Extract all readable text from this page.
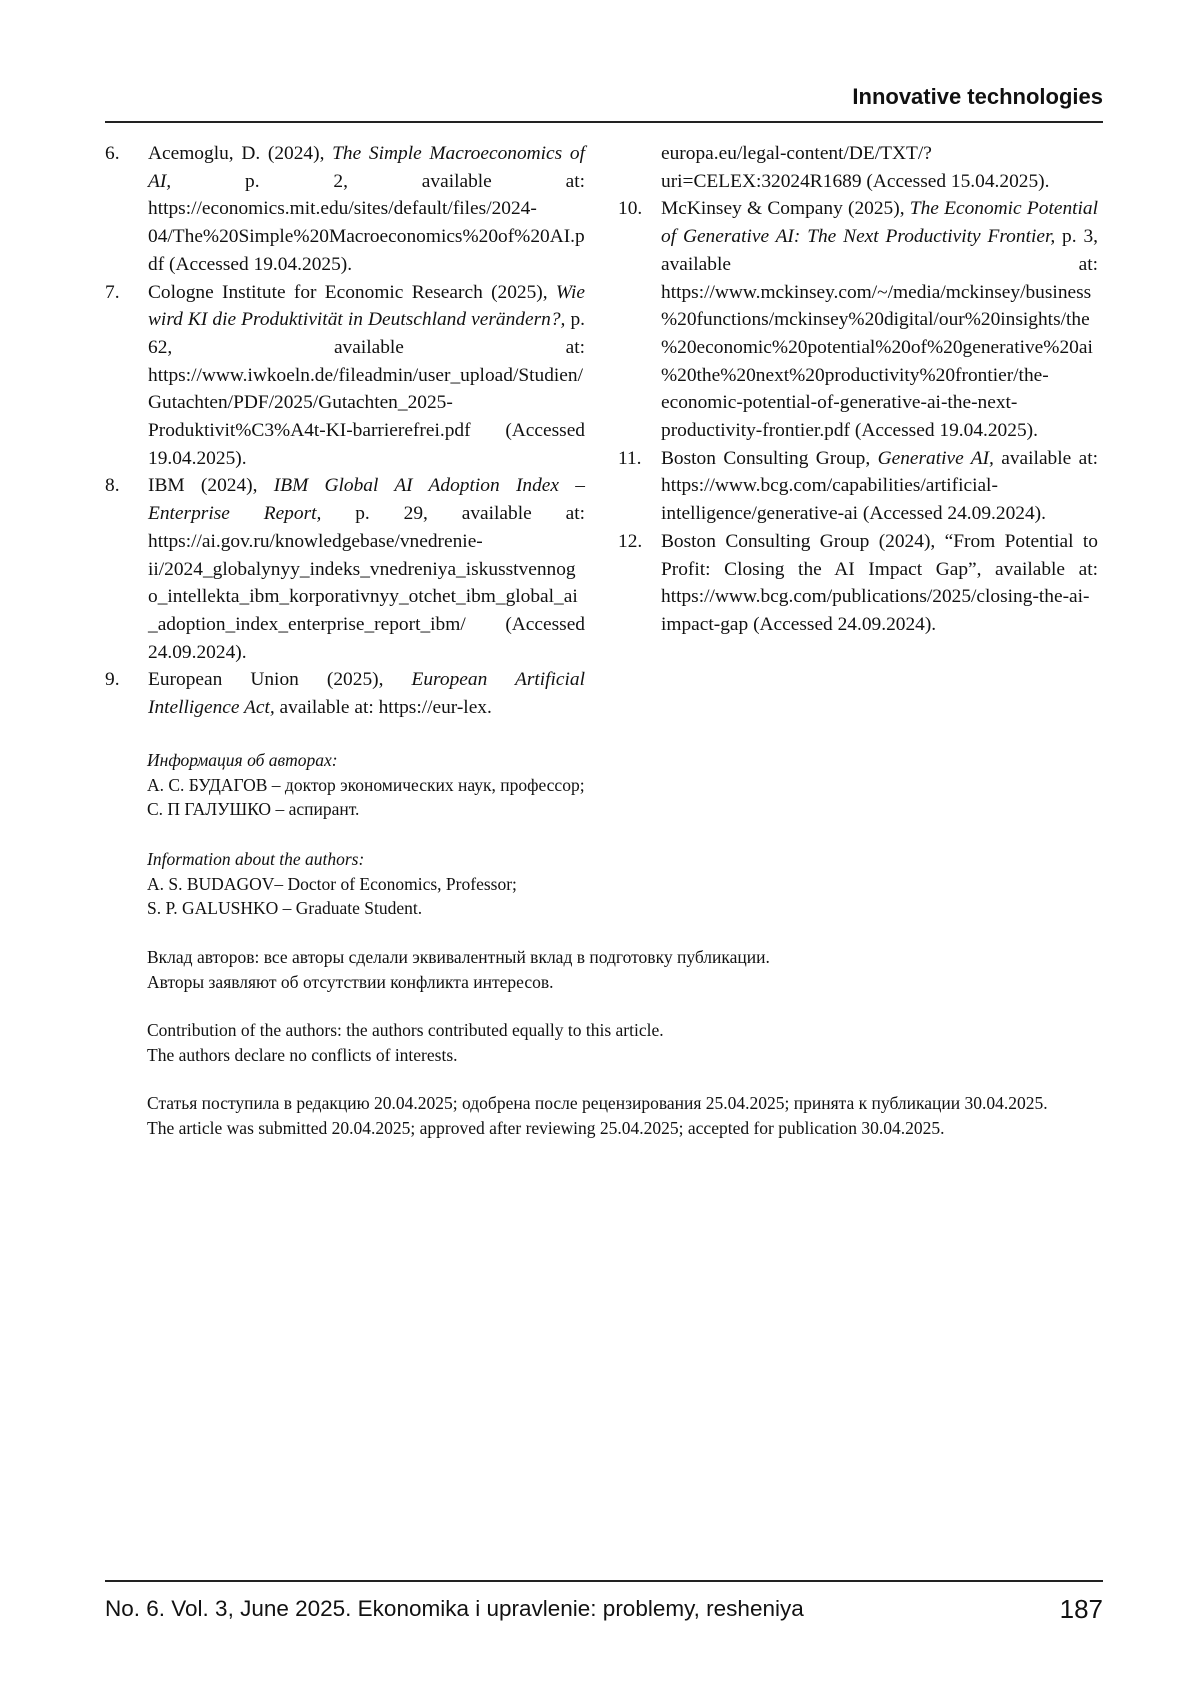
Innovative technologies
6. Acemoglu, D. (2024), The Simple Macroeconomics of AI, p. 2, available at: https://economics.mit.edu/sites/default/files/2024-04/The%20Simple%20Macroeconomics%20of%20AI.pdf (Accessed 19.04.2025).
7. Cologne Institute for Economic Research (2025), Wie wird KI die Produktivität in Deutschland verändern?, p. 62, available at: https://www.iwkoeln.de/fileadmin/user_upload/Studien/Gutachten/PDF/2025/Gutachten_2025-Produktivit%C3%A4t-KI-barrierefrei.pdf (Accessed 19.04.2025).
8. IBM (2024), IBM Global AI Adoption Index – Enterprise Report, p. 29, available at: https://ai.gov.ru/knowledgebase/vnedrenie-ii/2024_globalynyy_indeks_vnedreniya_iskusstvennogo_intellekta_ibm_korporativnyy_otchet_ibm_global_ai_adoption_index_enterprise_report_ibm/ (Accessed 24.09.2024).
9. European Union (2025), European Artificial Intelligence Act, available at: https://eur-lex.
europa.eu/legal-content/DE/TXT/?uri=CELEX:32024R1689 (Accessed 15.04.2025).
10. McKinsey & Company (2025), The Economic Potential of Generative AI: The Next Productivity Frontier, p. 3, available at: https://www.mckinsey.com/~/media/mckinsey/business%20functions/mckinsey%20digital/our%20insights/the%20economic%20potential%20of%20generative%20ai%20the%20next%20productivity%20frontier/the-economic-potential-of-generative-ai-the-next-productivity-frontier.pdf (Accessed 19.04.2025).
11. Boston Consulting Group, Generative AI, available at: https://www.bcg.com/capabilities/artificial-intelligence/generative-ai (Accessed 24.09.2024).
12. Boston Consulting Group (2024), “From Potential to Profit: Closing the AI Impact Gap”, available at: https://www.bcg.com/publications/2025/closing-the-ai-impact-gap (Accessed 24.09.2024).

Информация об авторах:

А. С. БУДАГОВ – доктор экономических наук, профессор;

С. П ГАЛУШКО – аспирант.

Information about the authors:

A. S. BUDAGOV– Doctor of Economics, Professor;

S. P. GALUSHKO – Graduate Student.

Вклад авторов: все авторы сделали эквивалентный вклад в подготовку публикации.

Авторы заявляют об отсутствии конфликта интересов.

Contribution of the authors: the authors contributed equally to this article.

The authors declare no conflicts of interests.

Статья поступила в редакцию 20.04.2025; одобрена после рецензирования 25.04.2025; принята к публикации 30.04.2025.

The article was submitted 20.04.2025; approved after reviewing 25.04.2025; accepted for publication 30.04.2025.

No. 6. Vol. 3, June 2025. Ekonomika i upravlenie: problemy, resheniya	187
